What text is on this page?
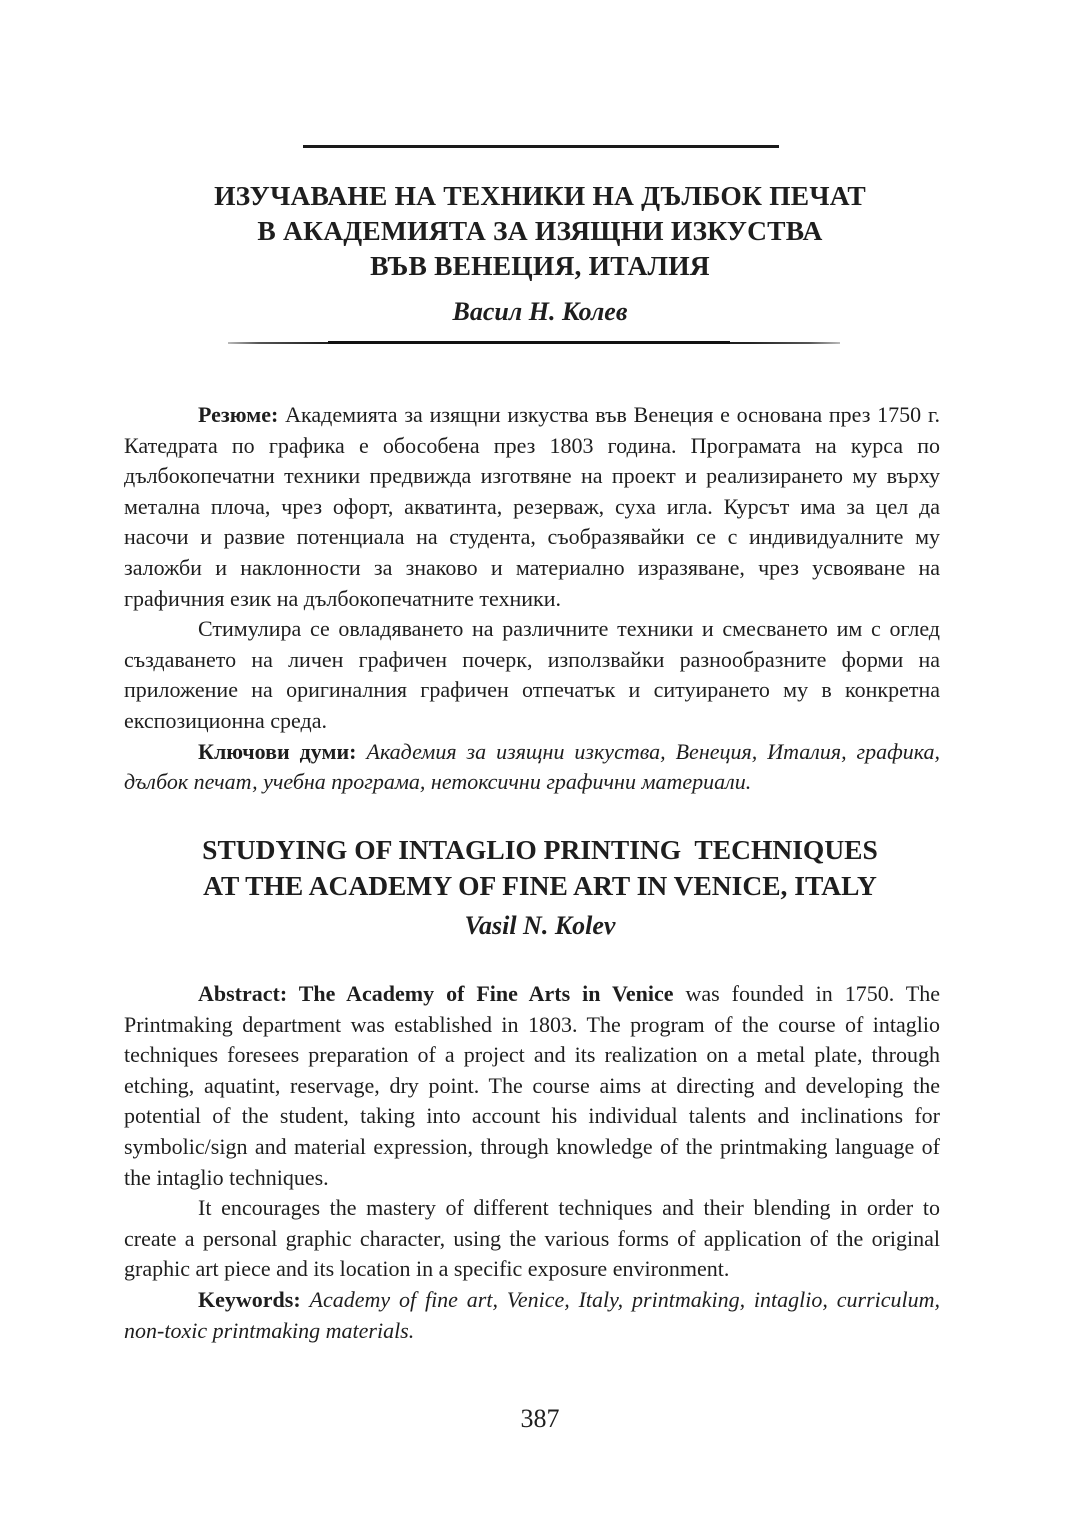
ИЗУЧАВАНЕ НА ТЕХНИКИ НА ДЪЛБОК ПЕЧАТ
В АКАДЕМИЯТА ЗА ИЗЯЩНИ ИЗКУСТВА
ВЪВ ВЕНЕЦИЯ, ИТАЛИЯ

Васил Н. Колев

Резюме: Академията за изящни изкуства във Венеция е основана през 1750 г. Катедрата по графика е обособена през 1803 година. Програмата на курса по дълбокопечатни техники предвижда изготвяне на проект и реализирането му върху метална плоча, чрез офорт, акватинта, резерваж, суха игла. Курсът има за цел да насочи и развие потенциала на студента, съобразявайки се с индивидуалните му заложби и наклонности за знаково и материално изразяване, чрез усвояване на графичния език на дълбокопечатните техники.

Стимулира се овладяването на различните техники и смесването им с оглед създаването на личен графичен почерк, използвайки разнообразните форми на приложение на оригиналния графичен отпечатък и ситуирането му в конкретна експозиционна среда.

Ключови думи: Академия за изящни изкуства, Венеция, Италия, графика, дълбок печат, учебна програма, нетоксични графични материали.

STUDYING OF INTAGLIO PRINTING  TECHNIQUES
AT THE ACADEMY OF FINE ART IN VENICE, ITALY

Vasil N. Kolev

Abstract: The Academy of Fine Arts in Venice was founded in 1750. The Printmaking department was established in 1803. The program of the course of intaglio techniques foresees preparation of a project and its realization on a metal plate, through etching, aquatint, reservage, dry point. The course aims at directing and developing the potential of the student, taking into account his individual talents and inclinations for symbolic/sign and material expression, through knowledge of the printmaking language of the intaglio techniques.

It encourages the mastery of different techniques and their blending in order to create a personal graphic character, using the various forms of application of the original graphic art piece and its location in a specific exposure environment.

Keywords: Academy of fine art, Venice, Italy, printmaking, intaglio, curriculum, non-toxic printmaking materials.

387
